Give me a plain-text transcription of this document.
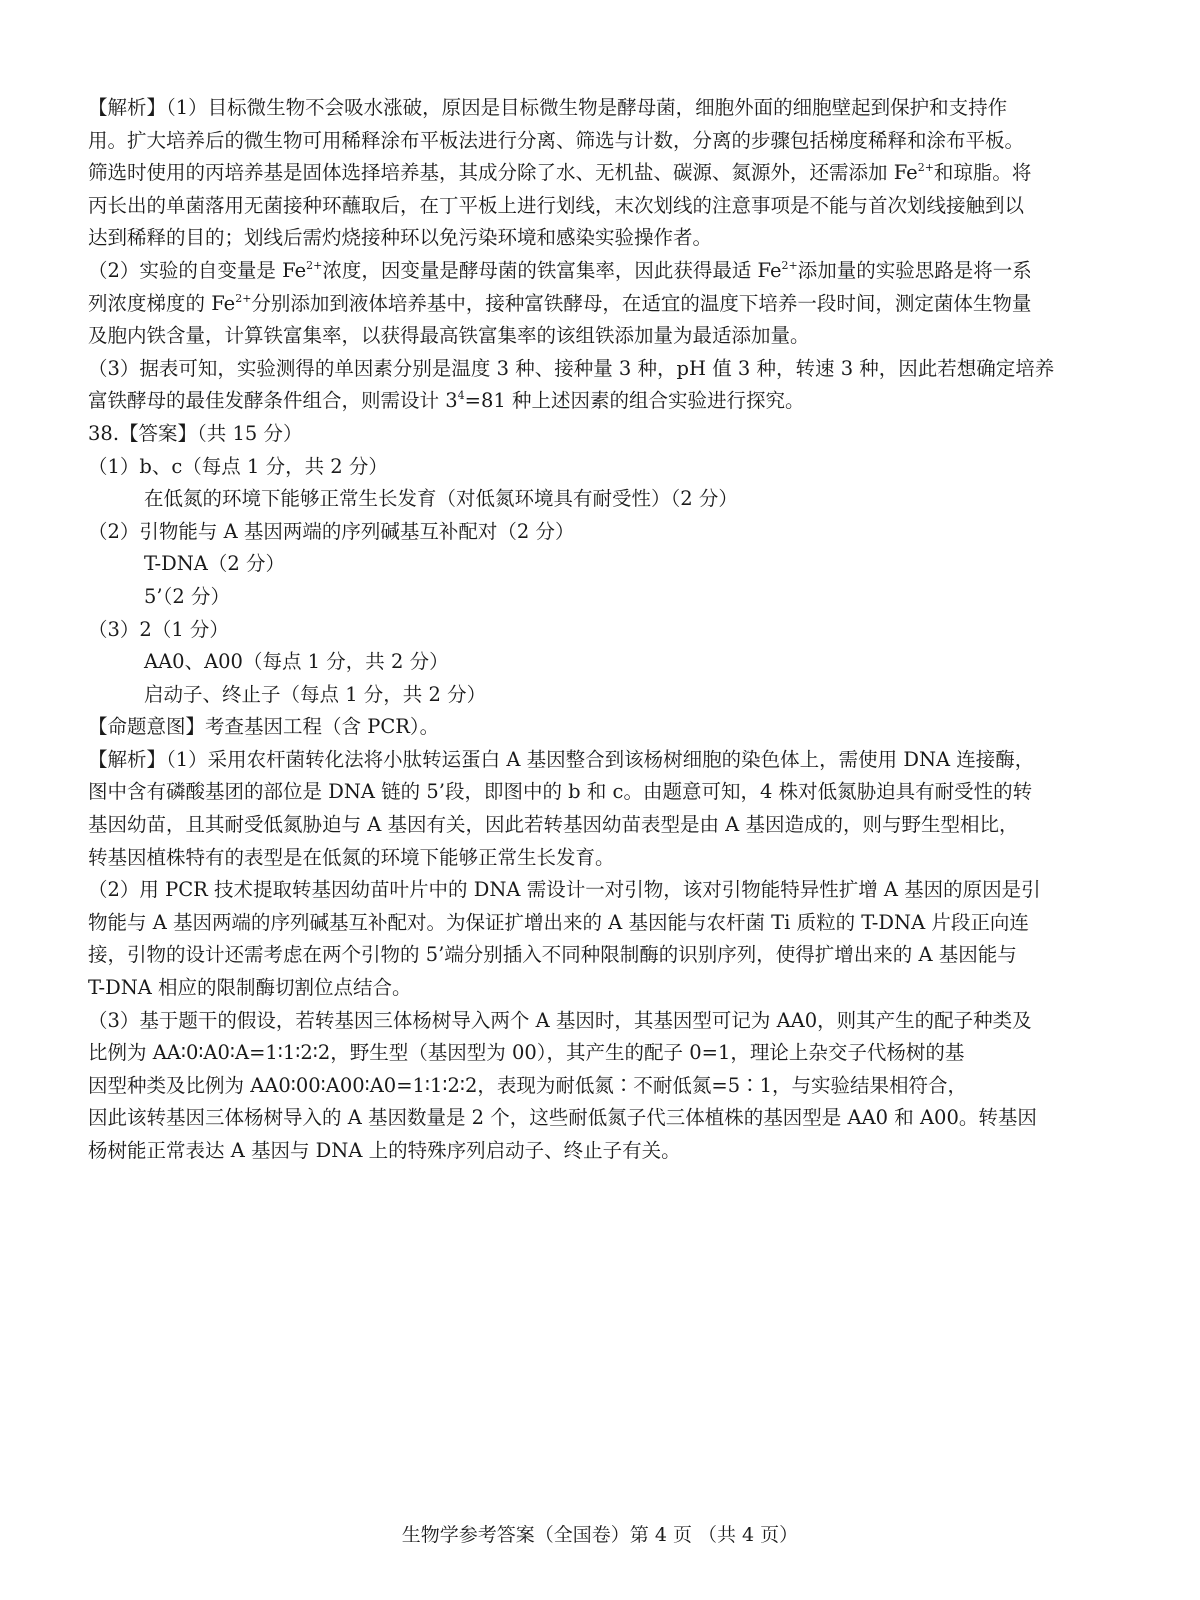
【解析】（1）目标微生物不会吸水涨破，原因是目标微生物是酵母菌，细胞外面的细胞壁起到保护和支持作
用。扩大培养后的微生物可用稀释涂布平板法进行分离、筛选与计数，分离的步骤包括梯度稀释和涂布平板。
筛选时使用的丙培养基是固体选择培养基，其成分除了水、无机盐、碳源、氮源外，还需添加 $Fe^{2+}$和琼脂。将
丙长出的单菌落用无菌接种环蘸取后，在丁平板上进行划线，末次划线的注意事项是不能与首次划线接触到以
达到稀释的目的；划线后需灼烧接种环以免污染环境和感染实验操作者。
（2）实验的自变量是 $Fe^{2+}$浓度，因变量是酵母菌的铁富集率，因此获得最适 $Fe^{2+}$添加量的实验思路是将一系
列浓度梯度的 $Fe^{2+}$分别添加到液体培养基中，接种富铁酵母，在适宜的温度下培养一段时间，测定菌体生物量
及胞内铁含量，计算铁富集率，以获得最高铁富集率的该组铁添加量为最适添加量。
（3）据表可知，实验测得的单因素分别是温度 3 种、接种量 3 种，pH 值 3 种，转速 3 种，因此若想确定培养
富铁酵母的最佳发酵条件组合，则需设计 $3^4=81$ 种上述因素的组合实验进行探究。
38.【答案】（共 15 分）
（1）b、c（每点 1 分，共 2 分）
在低氮的环境下能够正常生长发育（对低氮环境具有耐受性）（2 分）
（2）引物能与 A 基因两端的序列碱基互补配对（2 分）
T-DNA（2 分）
5’（2 分）
（3）2（1 分）
AA0、A00（每点 1 分，共 2 分）
启动子、终止子（每点 1 分，共 2 分）
【命题意图】考查基因工程（含 PCR）。
【解析】（1）采用农杆菌转化法将小肽转运蛋白 A 基因整合到该杨树细胞的染色体上，需使用 DNA 连接酶，
图中含有磷酸基团的部位是 DNA 链的 5’段，即图中的 b 和 c。由题意可知，4 株对低氮胁迫具有耐受性的转
基因幼苗，且其耐受低氮胁迫与 A 基因有关，因此若转基因幼苗表型是由 A 基因造成的，则与野生型相比，
转基因植株特有的表型是在低氮的环境下能够正常生长发育。
（2）用 PCR 技术提取转基因幼苗叶片中的 DNA 需设计一对引物，该对引物能特异性扩增 A 基因的原因是引
物能与 A 基因两端的序列碱基互补配对。为保证扩增出来的 A 基因能与农杆菌 Ti 质粒的 T-DNA 片段正向连
接，引物的设计还需考虑在两个引物的 5’端分别插入不同种限制酶的识别序列，使得扩增出来的 A 基因能与
T-DNA 相应的限制酶切割位点结合。
（3）基于题干的假设，若转基因三体杨树导入两个 A 基因时，其基因型可记为 AA0，则其产生的配子种类及
比例为 AA∶0∶A0∶A=1∶1∶2∶2，野生型（基因型为 00），其产生的配子 0=1，理论上杂交子代杨树的基
因型种类及比例为 AA0∶00∶A00∶A0=1∶1∶2∶2，表现为耐低氮∶不耐低氮=5∶1，与实验结果相符合，
因此该转基因三体杨树导入的 A 基因数量是 2 个，这些耐低氮子代三体植株的基因型是 AA0 和 A00。转基因
杨树能正常表达 A 基因与 DNA 上的特殊序列启动子、终止子有关。
生物学参考答案（全国卷）第 4 页 （共 4 页）
